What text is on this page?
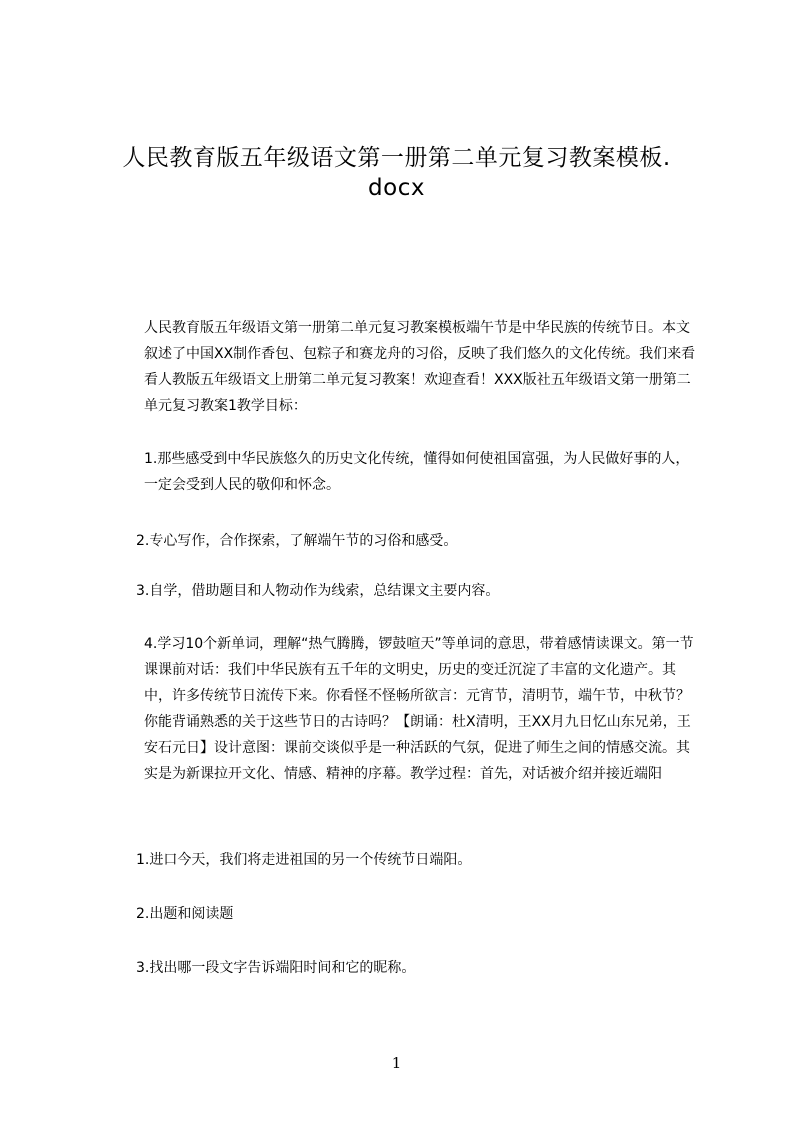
人民教育版五年级语文第一册第二单元复习教案模板.
docx
人民教育版五年级语文第一册第二单元复习教案模板端午节是中华民族的传统节日。本文叙述了中国XX制作香包、包粽子和赛龙舟的习俗，反映了我们悠久的文化传统。我们来看看人教版五年级语文上册第二单元复习教案！欢迎查看！XXX版社五年级语文第一册第二单元复习教案1教学目标：
1.那些感受到中华民族悠久的历史文化传统，懂得如何使祖国富强，为人民做好事的人，一定会受到人民的敬仰和怀念。
2.专心写作，合作探索，了解端午节的习俗和感受。
3.自学，借助题目和人物动作为线索，总结课文主要内容。
4.学习10个新单词，理解“热气腾腾，锣鼓喧天”等单词的意思，带着感情读课文。第一节课课前对话：我们中华民族有五千年的文明史，历史的变迁沉淀了丰富的文化遗产。其中，许多传统节日流传下来。你看怪不怪畅所欲言：元宵节，清明节，端午节，中秋节？你能背诵熟悉的关于这些节日的古诗吗？【朗诵：杜X清明，王XX月九日忆山东兄弟，王安石元日】设计意图：课前交谈似乎是一种活跃的气氛，促进了师生之间的情感交流。其实是为新课拉开文化、情感、精神的序幕。教学过程：首先，对话被介绍并接近端阳
1.进口今天，我们将走进祖国的另一个传统节日端阳。
2.出题和阅读题
3.找出哪一段文字告诉端阳时间和它的昵称。
1
